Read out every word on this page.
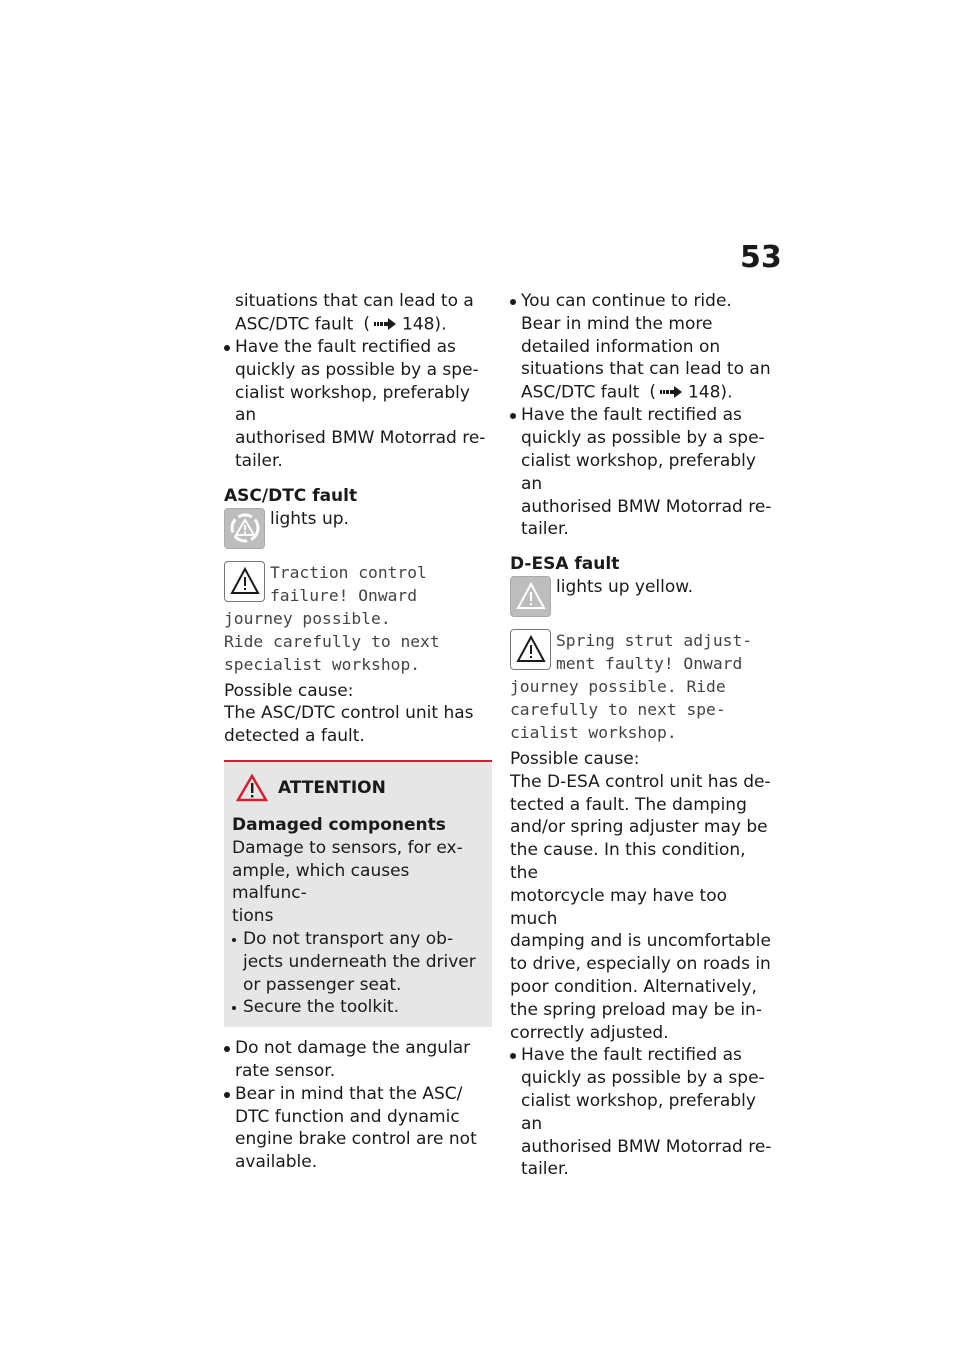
53
situations that can lead to a
ASC/DTC fault ( 148).
Have the fault rectified as
quickly as possible by a spe-
cialist workshop, preferably an
authorised BMW Motorrad re-
tailer.
ASC/DTC fault
lights up.
Traction control
failure! Onward
journey possible.
Ride carefully to next
specialist workshop.
Possible cause:
The ASC/DTC control unit has
detected a fault.
ATTENTION
Damaged components
Damage to sensors, for ex-
ample, which causes malfunc-
tions
Do not transport any ob-
jects underneath the driver
or passenger seat.
Secure the toolkit.
Do not damage the angular
rate sensor.
Bear in mind that the ASC/
DTC function and dynamic
engine brake control are not
available.
You can continue to ride.
Bear in mind the more
detailed information on
situations that can lead to an
ASC/DTC fault ( 148).
Have the fault rectified as
quickly as possible by a spe-
cialist workshop, preferably an
authorised BMW Motorrad re-
tailer.
D-ESA fault
lights up yellow.
Spring strut adjust-
ment faulty! Onward
journey possible. Ride
carefully to next spe-
cialist workshop.
Possible cause:
The D-ESA control unit has de-
tected a fault. The damping
and/or spring adjuster may be
the cause. In this condition, the
motorcycle may have too much
damping and is uncomfortable
to drive, especially on roads in
poor condition. Alternatively,
the spring preload may be in-
correctly adjusted.
Have the fault rectified as
quickly as possible by a spe-
cialist workshop, preferably an
authorised BMW Motorrad re-
tailer.
